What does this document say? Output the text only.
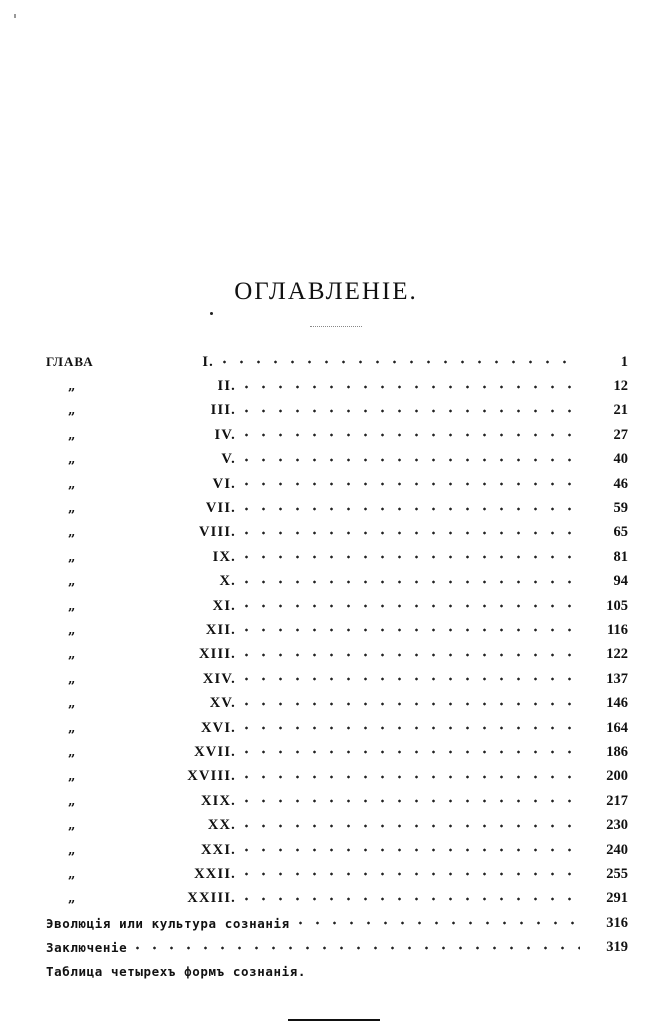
ОГЛАВЛЕНІЕ.
ГЛАВА	I.	1
„	II.	12
„	III.	21
„	IV.	27
„	V.	40
„	VI.	46
„	VII.	59
„	VIII.	65
„	IX.	81
„	X.	94
„	XI.	105
„	XII.	116
„	XIII.	122
„	XIV.	137
„	XV.	146
„	XVI.	164
„	XVII.	186
„	XVIII.	200
„	XIX.	217
„	XX.	230
„	XXI.	240
„	XXII.	255
„	XXIII.	291
Эволюція или культура сознанія	316
Заключеніе	319
Таблица четырехъ формъ сознанія.
